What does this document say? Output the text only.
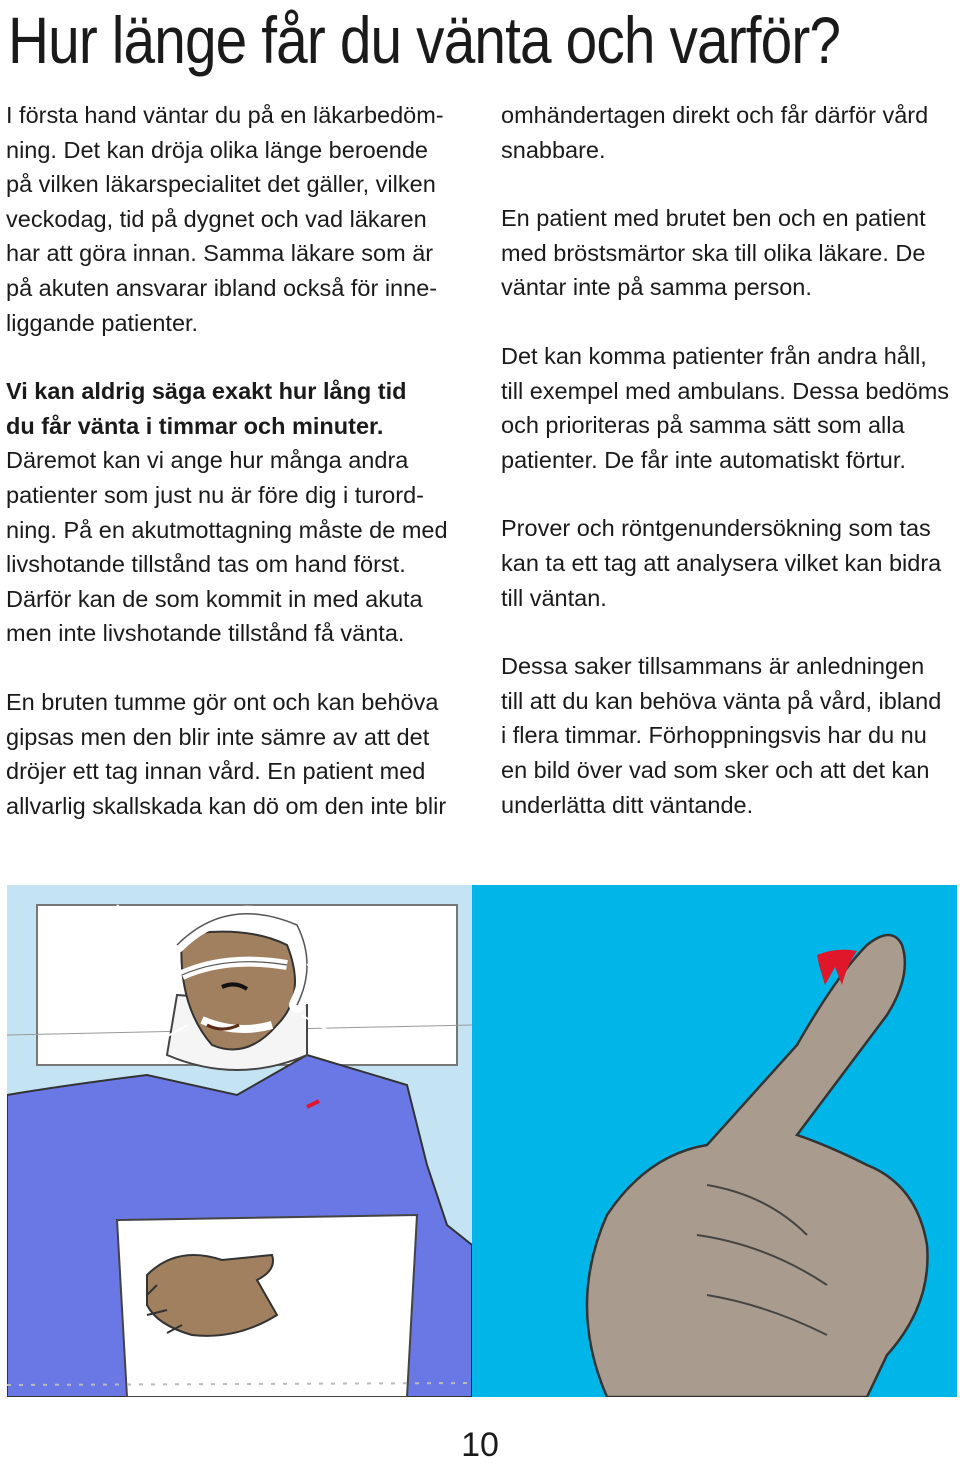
Hur länge får du vänta och varför?

I första hand väntar du på en läkarbedöm-
ning. Det kan dröja olika länge beroende
på vilken läkarspecialitet det gäller, vilken
veckodag, tid på dygnet och vad läkaren
har att göra innan. Samma läkare som är
på akuten ansvarar ibland också för inne-
liggande patienter.

Vi kan aldrig säga exakt hur lång tid
du får vänta i timmar och minuter.
Däremot kan vi ange hur många andra
patienter som just nu är före dig i turord-
ning. På en akutmottagning måste de med
livshotande tillstånd tas om hand först.
Därför kan de som kommit in med akuta
men inte livshotande tillstånd få vänta.

En bruten tumme gör ont och kan behöva
gipsas men den blir inte sämre av att det
dröjer ett tag innan vård. En patient med
allvarlig skallskada kan dö om den inte blir

omhändertagen direkt och får därför vård
snabbare.

En patient med brutet ben och en patient
med bröstsmärtor ska till olika läkare. De
väntar inte på samma person.

Det kan komma patienter från andra håll,
till exempel med ambulans. Dessa bedöms
och prioriteras på samma sätt som alla
patienter. De får inte automatiskt förtur.

Prover och röntgenundersökning som tas
kan ta ett tag att analysera vilket kan bidra
till väntan.

Dessa saker tillsammans är anledningen
till att du kan behöva vänta på vård, ibland
i flera timmar. Förhoppningsvis har du nu
en bild över vad som sker och att det kan
underlätta ditt väntande.

10
